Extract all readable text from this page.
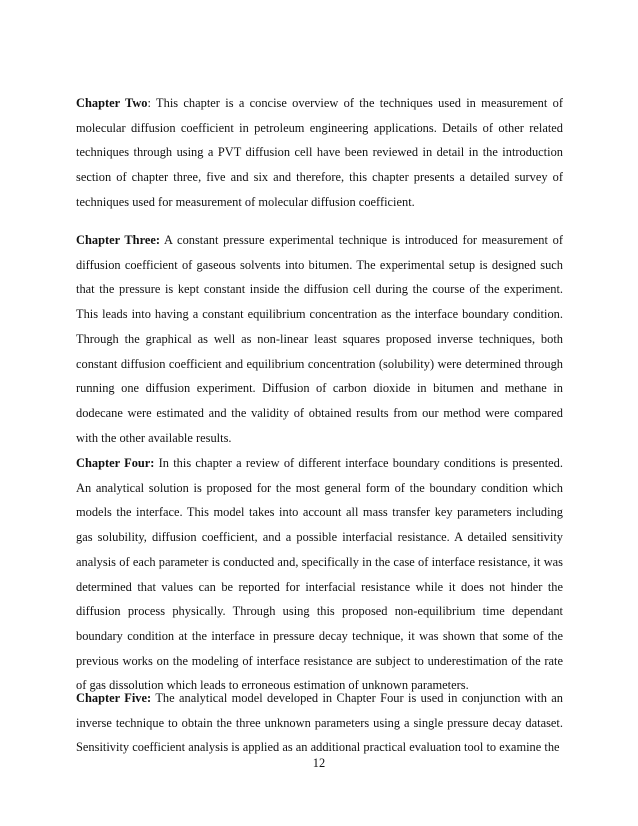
Chapter Two: This chapter is a concise overview of the techniques used in measurement of molecular diffusion coefficient in petroleum engineering applications. Details of other related techniques through using a PVT diffusion cell have been reviewed in detail in the introduction section of chapter three, five and six and therefore, this chapter presents a detailed survey of techniques used for measurement of molecular diffusion coefficient.

Chapter Three: A constant pressure experimental technique is introduced for measurement of diffusion coefficient of gaseous solvents into bitumen. The experimental setup is designed such that the pressure is kept constant inside the diffusion cell during the course of the experiment. This leads into having a constant equilibrium concentration as the interface boundary condition. Through the graphical as well as non-linear least squares proposed inverse techniques, both constant diffusion coefficient and equilibrium concentration (solubility) were determined through running one diffusion experiment. Diffusion of carbon dioxide in bitumen and methane in dodecane were estimated and the validity of obtained results from our method were compared with the other available results.

Chapter Four: In this chapter a review of different interface boundary conditions is presented. An analytical solution is proposed for the most general form of the boundary condition which models the interface. This model takes into account all mass transfer key parameters including gas solubility, diffusion coefficient, and a possible interfacial resistance. A detailed sensitivity analysis of each parameter is conducted and, specifically in the case of interface resistance, it was determined that values can be reported for interfacial resistance while it does not hinder the diffusion process physically. Through using this proposed non-equilibrium time dependant boundary condition at the interface in pressure decay technique, it was shown that some of the previous works on the modeling of interface resistance are subject to underestimation of the rate of gas dissolution which leads to erroneous estimation of unknown parameters.

Chapter Five: The analytical model developed in Chapter Four is used in conjunction with an inverse technique to obtain the three unknown parameters using a single pressure decay dataset. Sensitivity coefficient analysis is applied as an additional practical evaluation tool to examine the

12
